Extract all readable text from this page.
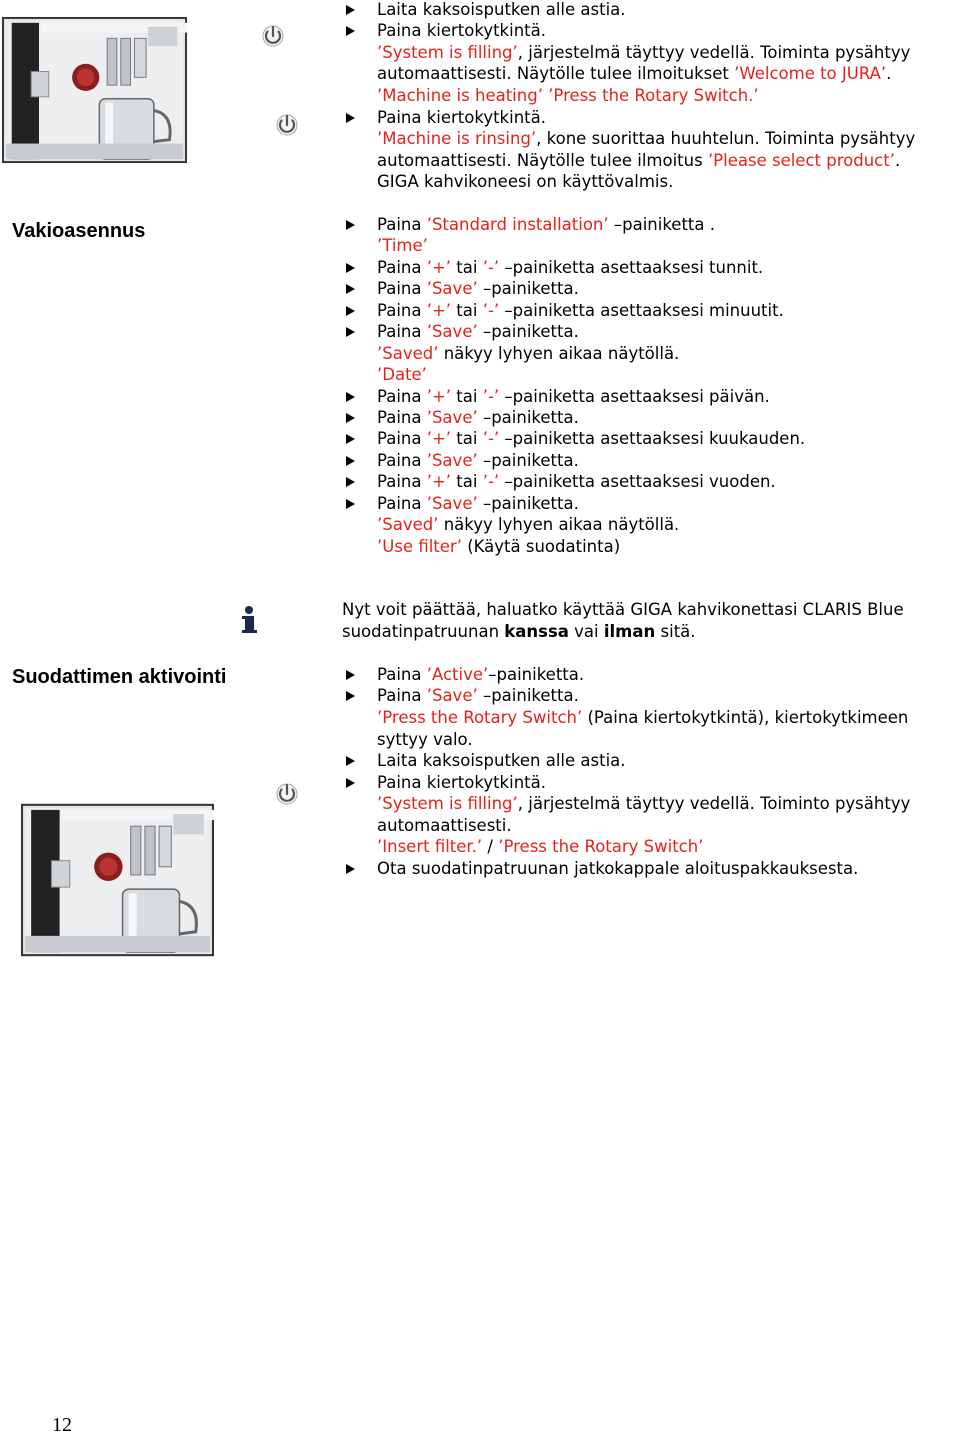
Vakioasennus
Suodattimen aktivointi
Laita kaksoisputken alle astia.
Paina kiertokytkintä.
’System is filling’, järjestelmä täyttyy vedellä. Toiminta pysähtyy
automaattisesti. Näytölle tulee ilmoitukset ’Welcome to JURA’.
’Machine is heating’ ’Press the Rotary Switch.’
Paina kiertokytkintä.
’Machine is rinsing’, kone suorittaa huuhtelun. Toiminta pysähtyy
automaattisesti. Näytölle tulee ilmoitus ’Please select product’.
GIGA kahvikoneesi on käyttövalmis.
Paina ’Standard installation’ –painiketta .
’Time’
Paina ’+’ tai ’-’ –painiketta asettaaksesi tunnit.
Paina ’Save’ –painiketta.
Paina ’+’ tai ’-’ –painiketta asettaaksesi minuutit.
Paina ’Save’ –painiketta.
’Saved’ näkyy lyhyen aikaa näytöllä.
’Date’
Paina ’+’ tai ’-’ –painiketta asettaaksesi päivän.
Paina ’Save’ –painiketta.
Paina ’+’ tai ’-’ –painiketta asettaaksesi kuukauden.
Paina ’Save’ –painiketta.
Paina ’+’ tai ’-’ –painiketta asettaaksesi vuoden.
Paina ’Save’ –painiketta.
’Saved’ näkyy lyhyen aikaa näytöllä.
’Use filter’ (Käytä suodatinta)
Nyt voit päättää, haluatko käyttää GIGA kahvikonettasi CLARIS Blue
suodatinpatruunan kanssa vai ilman sitä.
Paina ’Active’–painiketta.
Paina ’Save’ –painiketta.
’Press the Rotary Switch’ (Paina kiertokytkintä), kiertokytkimeen
syttyy valo.
Laita kaksoisputken alle astia.
Paina kiertokytkintä.
’System is filling’, järjestelmä täyttyy vedellä. Toiminto pysähtyy
automaattisesti.
’Insert filter.’ / ’Press the Rotary Switch’
Ota suodatinpatruunan jatkokappale aloituspakkauksesta.
12
